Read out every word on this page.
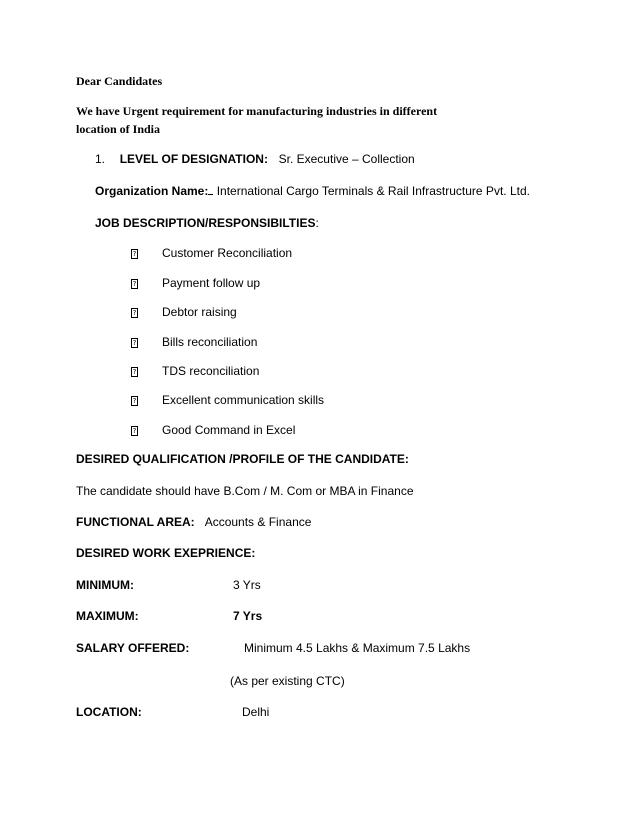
Dear Candidates
We have Urgent requirement for manufacturing industries in different
location of India
1. LEVEL OF DESIGNATION: Sr. Executive – Collection
Organization Name: International Cargo Terminals & Rail Infrastructure Pvt. Ltd.
JOB DESCRIPTION/RESPONSIBILTIES:
? Customer Reconciliation
? Payment follow up
? Debtor raising
? Bills reconciliation
? TDS reconciliation
? Excellent communication skills
? Good Command in Excel
DESIRED QUALIFICATION /PROFILE OF THE CANDIDATE:
The candidate should have B.Com / M. Com or MBA in Finance
FUNCTIONAL AREA: Accounts & Finance
DESIRED WORK EXEPRIENCE:
MINIMUM:	3 Yrs
MAXIMUM:	7 Yrs
SALARY OFFERED:	Minimum 4.5 Lakhs & Maximum 7.5 Lakhs
(As per existing CTC)
LOCATION:	Delhi
